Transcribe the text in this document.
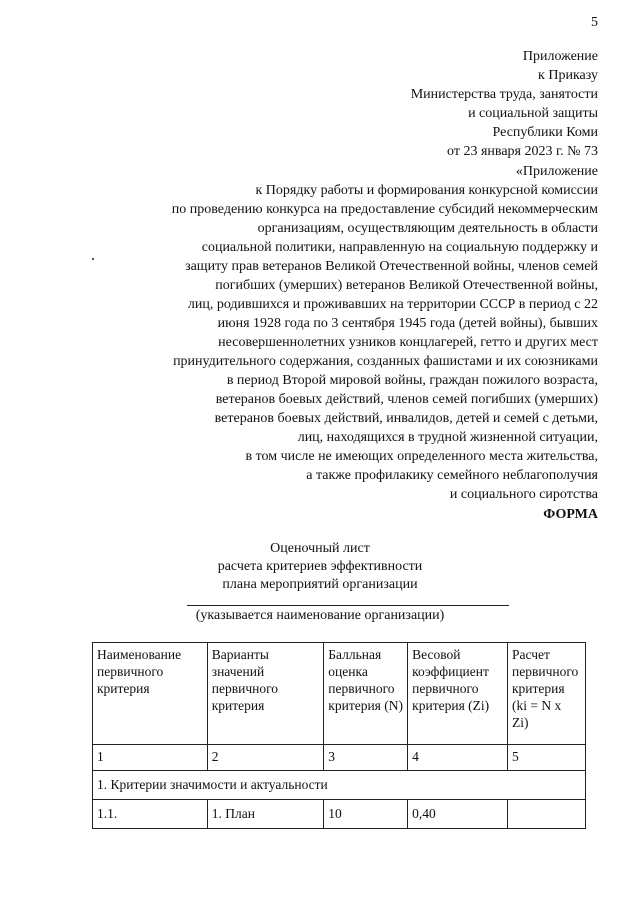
5
Приложение
к Приказу
Министерства труда, занятости
и социальной защиты
Республики Коми
от 23 января 2023 г. № 73
«Приложение
к Порядку работы и формирования конкурсной комиссии
по проведению конкурса на предоставление субсидий некоммерческим
организациям, осуществляющим деятельность в области
социальной политики, направленную на социальную поддержку и
защиту прав ветеранов Великой Отечественной войны, членов семей
погибших (умерших) ветеранов Великой Отечественной войны,
лиц, родившихся и проживавших на территории СССР в период с 22
июня 1928 года по 3 сентября 1945 года (детей войны), бывших
несовершеннолетних узников концлагерей, гетто и других мест
принудительного содержания, созданных фашистами и их союзниками
в период Второй мировой войны, граждан пожилого возраста,
ветеранов боевых действий, членов семей погибших (умерших)
ветеранов боевых действий, инвалидов, детей и семей с детьми,
лиц, находящихся в трудной жизненной ситуации,
в том числе не имеющих определенного места жительства,
а также профилакику семейного неблагополучия
и социального сиротства
ФОРМА
Оценочный лист
расчета критериев эффективности
плана мероприятий организации
(указывается наименование организации)
Наименование первичного критерия	Варианты значений первичного критерия	Балльная оценка первичного критерия (N)	Весовой коэффициент первичного критерия (Zi)	Расчет первичного критерия (ki = N x Zi)
1	2	3	4	5
1. Критерии значимости и актуальности				
1.1.	1. План	10	0,40	
